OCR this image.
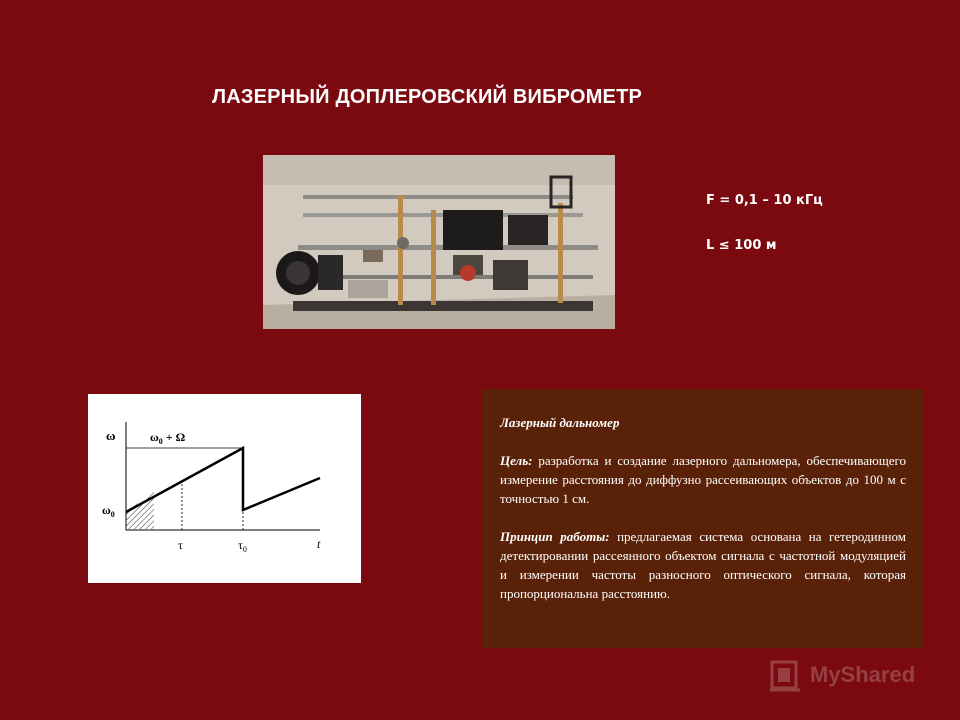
ЛАЗЕРНЫЙ ДОПЛЕРОВСКИЙ ВИБРОМЕТР
F = 0,1 – 10 кГц
L ≤ 100 м
ω	$\omega_0 + \Omega$
$\omega_0$
τ	$\tau_0$	t
Лазерный дальномер

Цель: разработка и создание лазерного дальномера, обеспечивающего измерение расстояния до диффузно рассеивающих объектов до 100 м с точностью 1 см.

Принцип работы: предлагаемая система основана на гетеродинном детектировании рассеянного объектом сигнала с частотной модуляцией и измерении частоты разносного оптического сигнала, которая пропорциональна расстоянию.

MyShared
